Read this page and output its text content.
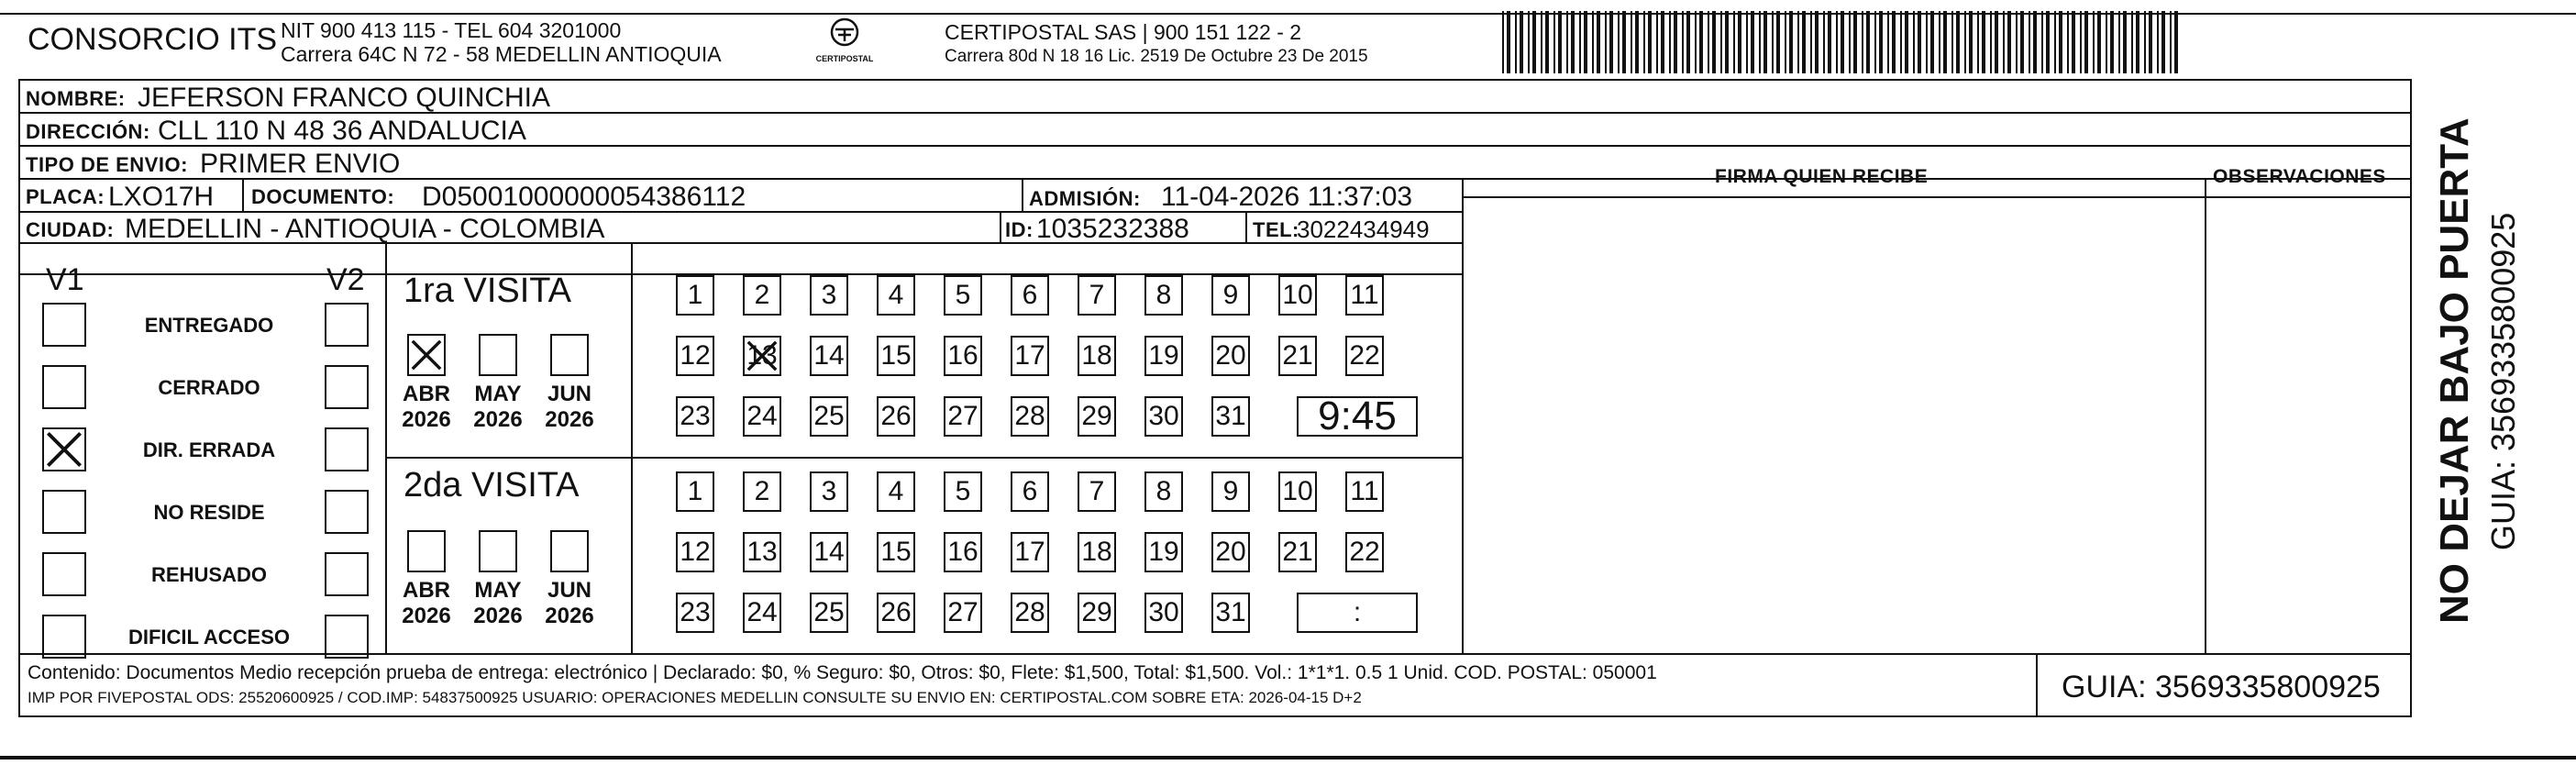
CONSORCIO ITS NIT 900 413 115 - TEL 604 3201000
Carrera 64C N 72 - 58 MEDELLIN ANTIOQUIA	CERTIPOSTAL
CERTIPOSTAL SAS | 900 151 122 - 2
Carrera 80d N 18 16 Lic. 2519 De Octubre 23 De 2015
NOMBRE: JEFERSON FRANCO QUINCHIA
DIRECCIÓN: CLL 110 N 48 36 ANDALUCIA
TIPO DE ENVIO: PRIMER ENVIO	FIRMA QUIEN RECIBE	OBSERVACIONES
PLACA: LXO17H DOCUMENTO: D05001000000054386112	ADMISIÓN: 11-04-2026 11:37:03
CIUDAD: MEDELLIN - ANTIOQUIA - COLOMBIA	ID: 1035232388	TEL:
3022434949
V1	V2
ENTREGADO
CERRADO
DIR. ERRADA
NO RESIDE
REHUSADO
DIFICIL ACCESO
1ra VISITA
ABR
2026
MAY
2026
JUN
2026
1	2	3	4	5	6	7	8	9	10 11
12 13 14 15 16 17 18 19 20 21 22
23 24 25 26 27 28 29 30 31	9:45
2da VISITA
ABR
2026
MAY
2026
JUN
2026
1	2	3	4	5	6	7	8	9	10 11
12 13 14 15 16 17 18 19 20 21 22
23 24 25 26 27 28 29 30 31	:
Contenido: Documentos Medio recepción prueba de entrega: electrónico | Declarado: $0, % Seguro: $0, Otros: $0, Flete: $1,500, Total: $1,500. Vol.: 1*1*1. 0.5 1 Unid. COD. POSTAL: 050001
IMP POR FIVEPOSTAL ODS: 25520600925 / COD.IMP: 54837500925 USUARIO: OPERACIONES MEDELLIN CONSULTE SU ENVIO EN: CERTIPOSTAL.COM SOBRE ETA: 2026-04-15 D+2	GUIA: 3569335800925
NO DEJAR BAJO PUERTA GUIA: 3569335800925
